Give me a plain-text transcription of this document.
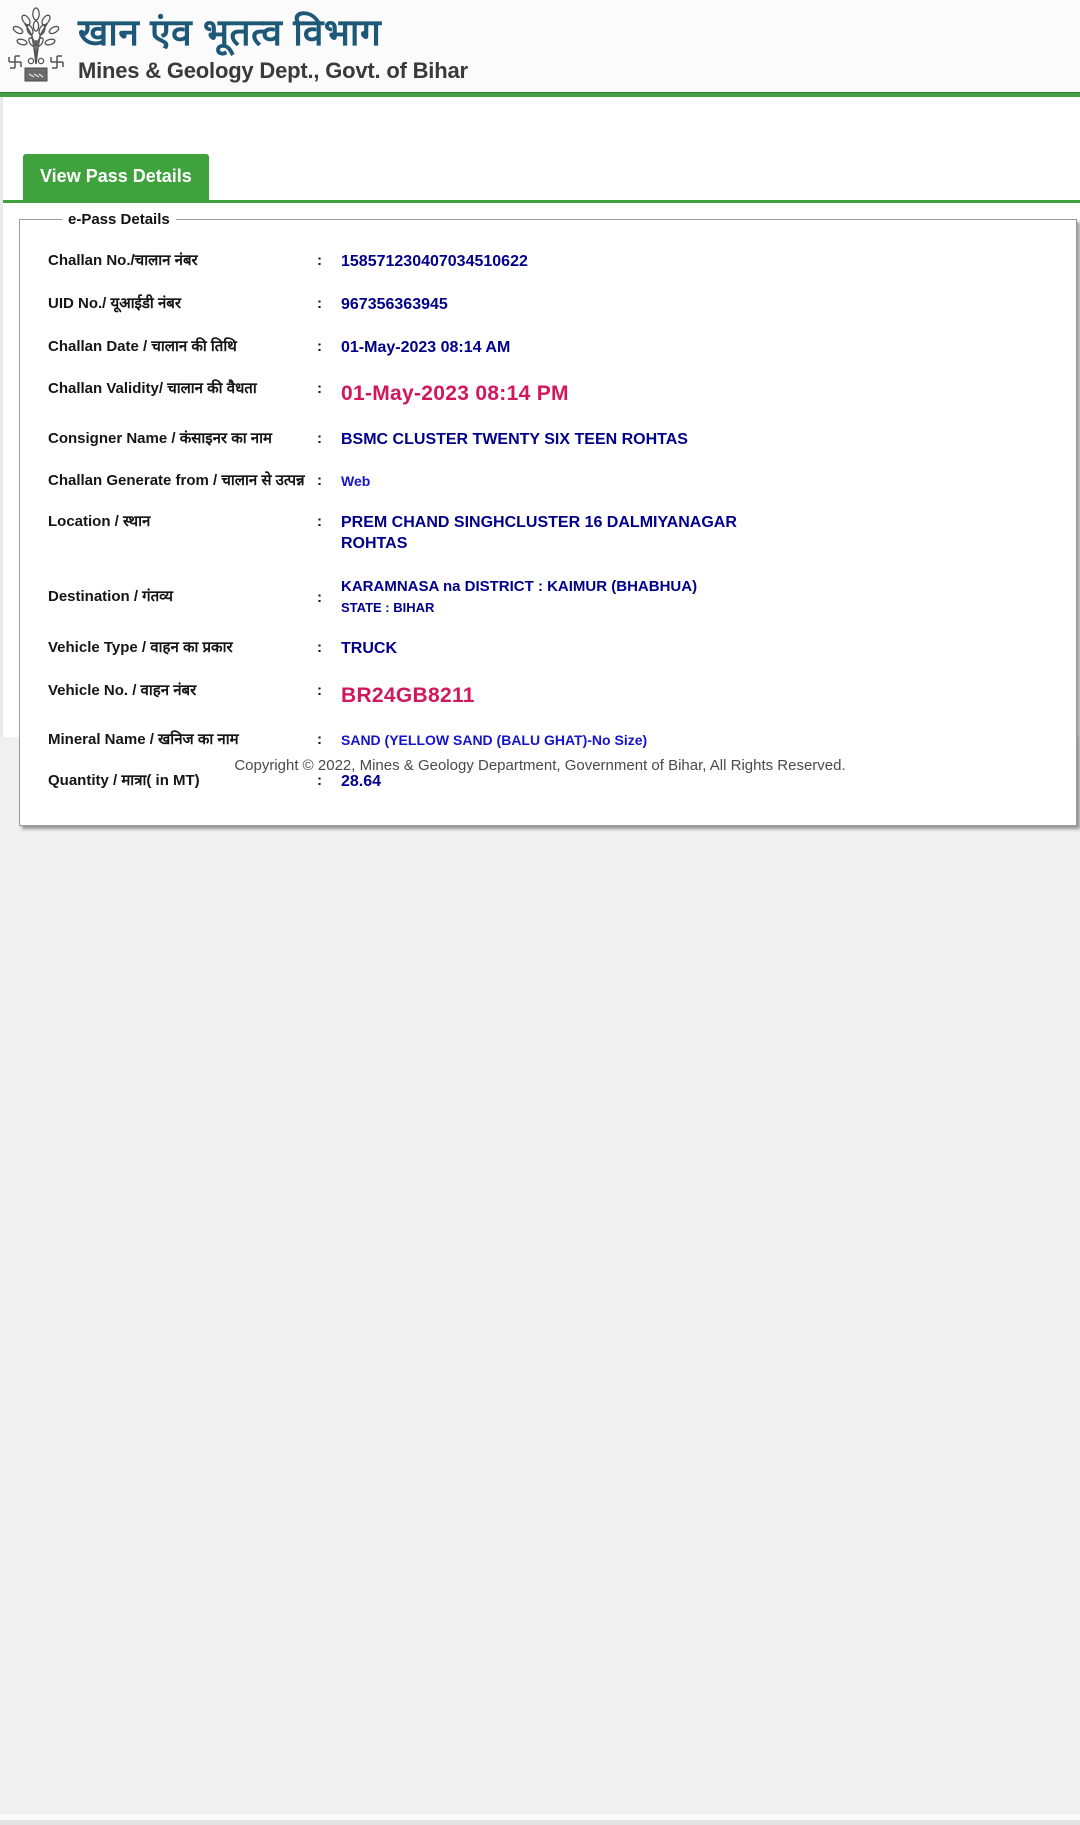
खान एंव भूतत्व विभाग
Mines & Geology Dept., Govt. of Bihar
View Pass Details
e-Pass Details
Challan No./चालान नंबर	:	158571230407034510622
UID No./ यूआईडी नंबर	:	967356363945
Challan Date / चालान की तिथि	:	01-May-2023 08:14 AM
Challan Validity/ चालान की वैधता	: 01-May-2023 08:14 PM
Consigner Name / कंसाइनर का नाम	:	BSMC CLUSTER TWENTY SIX TEEN ROHTAS
Challan Generate from / चालान से उत्पन्न :	Web
Location / स्थान	:	PREM CHAND SINGHCLUSTER 16 DALMIYANAGAR
ROHTAS
Destination / गंतव्य	:
KARAMNASA na DISTRICT : KAIMUR (BHABHUA)
STATE : BIHAR
Vehicle Type / वाहन का प्रकार	:	TRUCK
Vehicle No. / वाहन नंबर	: BR24GB8211
Mineral Name / खनिज का नाम	:	SAND (YELLOW SAND (BALU GHAT)-No Size)
Quantity / मात्रा( in MT)	:	28.64
Copyright © 2022, Mines & Geology Department, Government of Bihar, All Rights Reserved.
